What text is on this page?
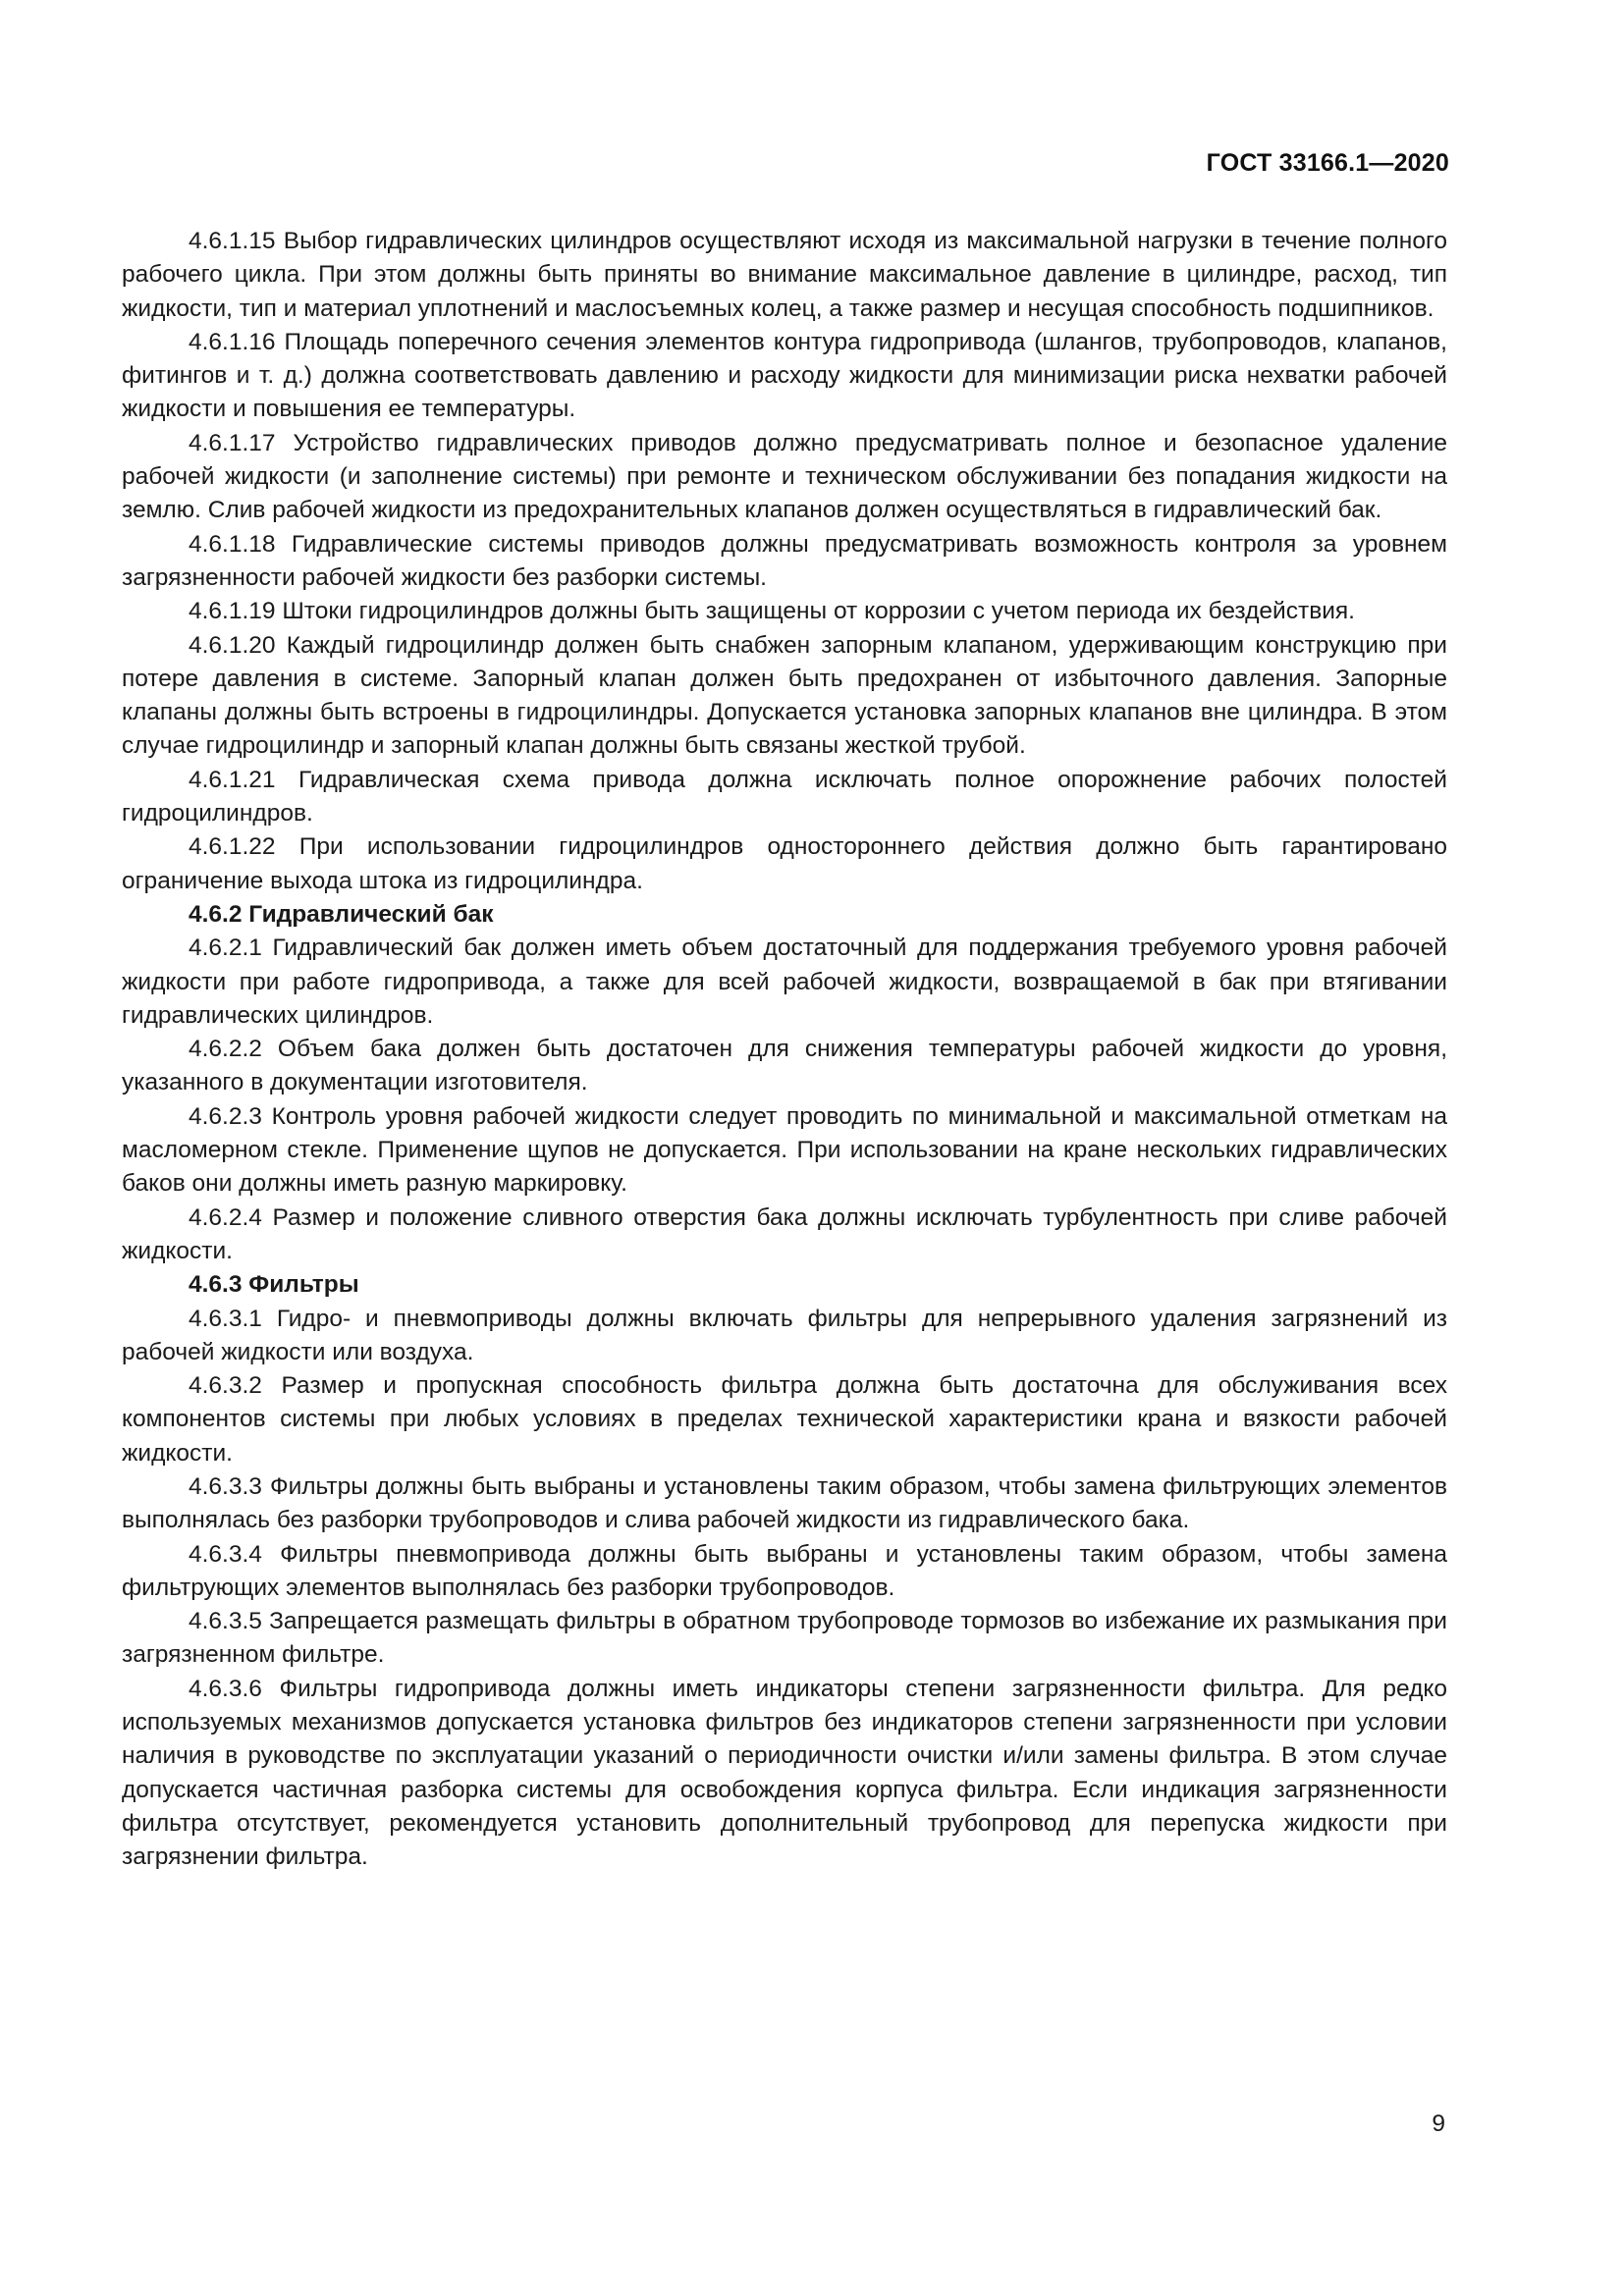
ГОСТ 33166.1—2020

4.6.1.15 Выбор гидравлических цилиндров осуществляют исходя из максимальной нагрузки в течение полного рабочего цикла. При этом должны быть приняты во внимание максимальное давление в цилиндре, расход, тип жидкости, тип и материал уплотнений и маслосъемных колец, а также размер и несущая способность подшипников.

4.6.1.16 Площадь поперечного сечения элементов контура гидропривода (шлангов, трубопроводов, клапанов, фитингов и т. д.) должна соответствовать давлению и расходу жидкости для минимизации риска нехватки рабочей жидкости и повышения ее температуры.

4.6.1.17 Устройство гидравлических приводов должно предусматривать полное и безопасное удаление рабочей жидкости (и заполнение системы) при ремонте и техническом обслуживании без попадания жидкости на землю. Слив рабочей жидкости из предохранительных клапанов должен осуществляться в гидравлический бак.

4.6.1.18 Гидравлические системы приводов должны предусматривать возможность контроля за уровнем загрязненности рабочей жидкости без разборки системы.

4.6.1.19 Штоки гидроцилиндров должны быть защищены от коррозии с учетом периода их бездействия.

4.6.1.20 Каждый гидроцилиндр должен быть снабжен запорным клапаном, удерживающим конструкцию при потере давления в системе. Запорный клапан должен быть предохранен от избыточного давления. Запорные клапаны должны быть встроены в гидроцилиндры. Допускается установка запорных клапанов вне цилиндра. В этом случае гидроцилиндр и запорный клапан должны быть связаны жесткой трубой.

4.6.1.21 Гидравлическая схема привода должна исключать полное опорожнение рабочих полостей гидроцилиндров.

4.6.1.22 При использовании гидроцилиндров одностороннего действия должно быть гарантировано ограничение выхода штока из гидроцилиндра.

4.6.2 Гидравлический бак

4.6.2.1 Гидравлический бак должен иметь объем достаточный для поддержания требуемого уровня рабочей жидкости при работе гидропривода, а также для всей рабочей жидкости, возвращаемой в бак при втягивании гидравлических цилиндров.

4.6.2.2 Объем бака должен быть достаточен для снижения температуры рабочей жидкости до уровня, указанного в документации изготовителя.

4.6.2.3 Контроль уровня рабочей жидкости следует проводить по минимальной и максимальной отметкам на масломерном стекле. Применение щупов не допускается. При использовании на кране нескольких гидравлических баков они должны иметь разную маркировку.

4.6.2.4 Размер и положение сливного отверстия бака должны исключать турбулентность при сливе рабочей жидкости.

4.6.3 Фильтры

4.6.3.1 Гидро- и пневмоприводы должны включать фильтры для непрерывного удаления загрязнений из рабочей жидкости или воздуха.

4.6.3.2 Размер и пропускная способность фильтра должна быть достаточна для обслуживания всех компонентов системы при любых условиях в пределах технической характеристики крана и вязкости рабочей жидкости.

4.6.3.3 Фильтры должны быть выбраны и установлены таким образом, чтобы замена фильтрующих элементов выполнялась без разборки трубопроводов и слива рабочей жидкости из гидравлического бака.

4.6.3.4 Фильтры пневмопривода должны быть выбраны и установлены таким образом, чтобы замена фильтрующих элементов выполнялась без разборки трубопроводов.

4.6.3.5 Запрещается размещать фильтры в обратном трубопроводе тормозов во избежание их размыкания при загрязненном фильтре.

4.6.3.6 Фильтры гидропривода должны иметь индикаторы степени загрязненности фильтра. Для редко используемых механизмов допускается установка фильтров без индикаторов степени загрязненности при условии наличия в руководстве по эксплуатации указаний о периодичности очистки и/или замены фильтра. В этом случае допускается частичная разборка системы для освобождения корпуса фильтра. Если индикация загрязненности фильтра отсутствует, рекомендуется установить дополнительный трубопровод для перепуска жидкости при загрязнении фильтра.

9
